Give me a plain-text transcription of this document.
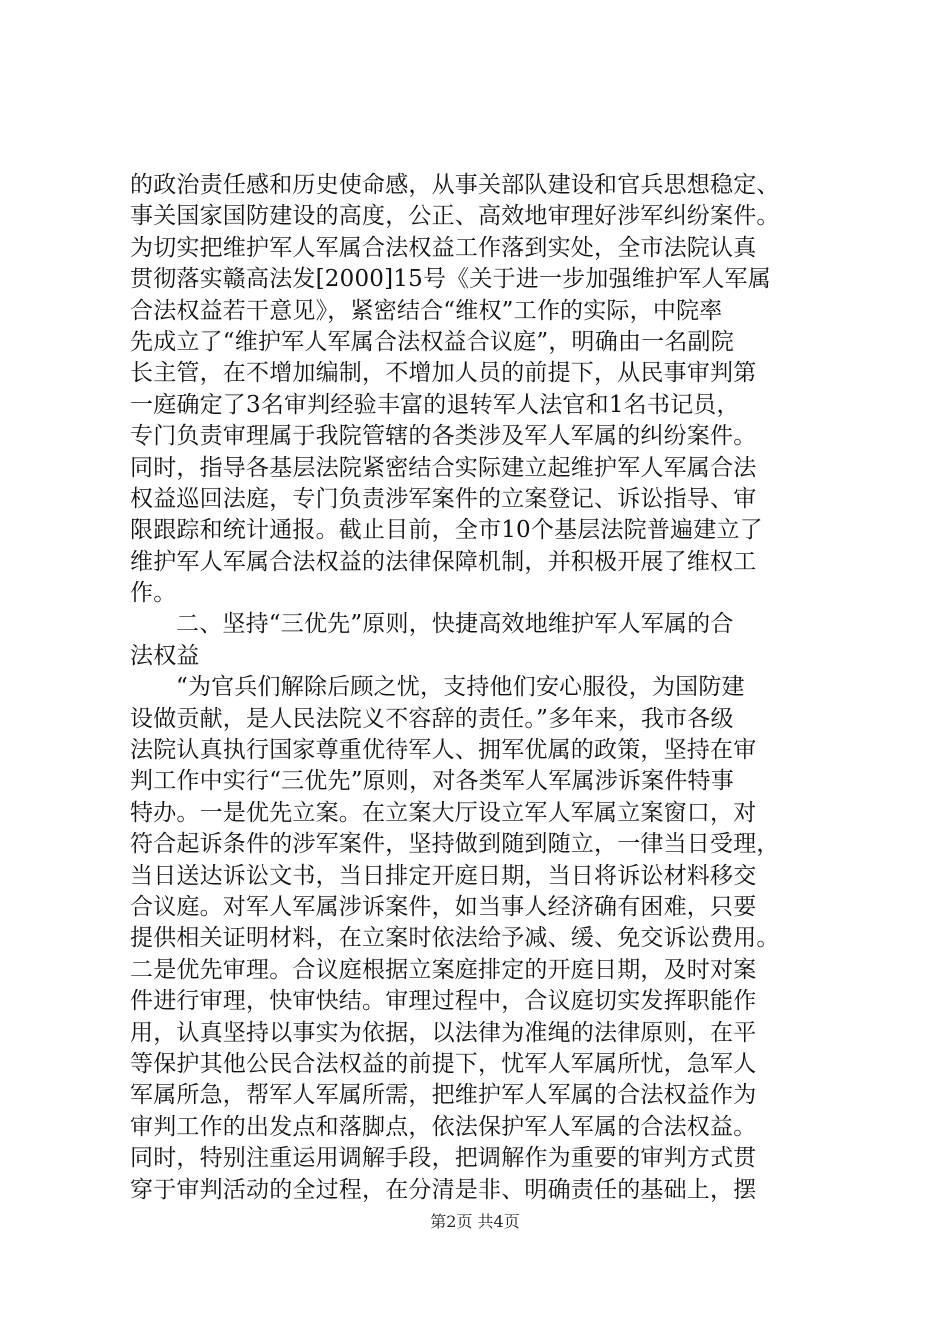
的政治责任感和历史使命感，从事关部队建设和官兵思想稳定、
事关国家国防建设的高度，公正、高效地审理好涉军纠纷案件。
为切实把维护军人军属合法权益工作落到实处，全市法院认真
贯彻落实赣高法发[2000]15号《关于进一步加强维护军人军属
合法权益若干意见》，紧密结合“维权”工作的实际，中院率
先成立了“维护军人军属合法权益合议庭”，明确由一名副院
长主管，在不增加编制，不增加人员的前提下，从民事审判第
一庭确定了3名审判经验丰富的退转军人法官和1名书记员，
专门负责审理属于我院管辖的各类涉及军人军属的纠纷案件。
同时，指导各基层法院紧密结合实际建立起维护军人军属合法
权益巡回法庭，专门负责涉军案件的立案登记、诉讼指导、审
限跟踪和统计通报。截止目前，全市10个基层法院普遍建立了
维护军人军属合法权益的法律保障机制，并积极开展了维权工
作。
二、坚持“三优先”原则，快捷高效地维护军人军属的合
法权益
“为官兵们解除后顾之忧，支持他们安心服役，为国防建
设做贡献，是人民法院义不容辞的责任。”多年来，我市各级
法院认真执行国家尊重优待军人、拥军优属的政策，坚持在审
判工作中实行“三优先”原则，对各类军人军属涉诉案件特事
特办。一是优先立案。在立案大厅设立军人军属立案窗口，对
符合起诉条件的涉军案件，坚持做到随到随立，一律当日受理，
当日送达诉讼文书，当日排定开庭日期，当日将诉讼材料移交
合议庭。对军人军属涉诉案件，如当事人经济确有困难，只要
提供相关证明材料，在立案时依法给予减、缓、免交诉讼费用。
二是优先审理。合议庭根据立案庭排定的开庭日期，及时对案
件进行审理，快审快结。审理过程中，合议庭切实发挥职能作
用，认真坚持以事实为依据，以法律为准绳的法律原则，在平
等保护其他公民合法权益的前提下，忧军人军属所忧，急军人
军属所急，帮军人军属所需，把维护军人军属的合法权益作为
审判工作的出发点和落脚点，依法保护军人军属的合法权益。
同时，特别注重运用调解手段，把调解作为重要的审判方式贯
穿于审判活动的全过程，在分清是非、明确责任的基础上，摆
第2页 共4页
